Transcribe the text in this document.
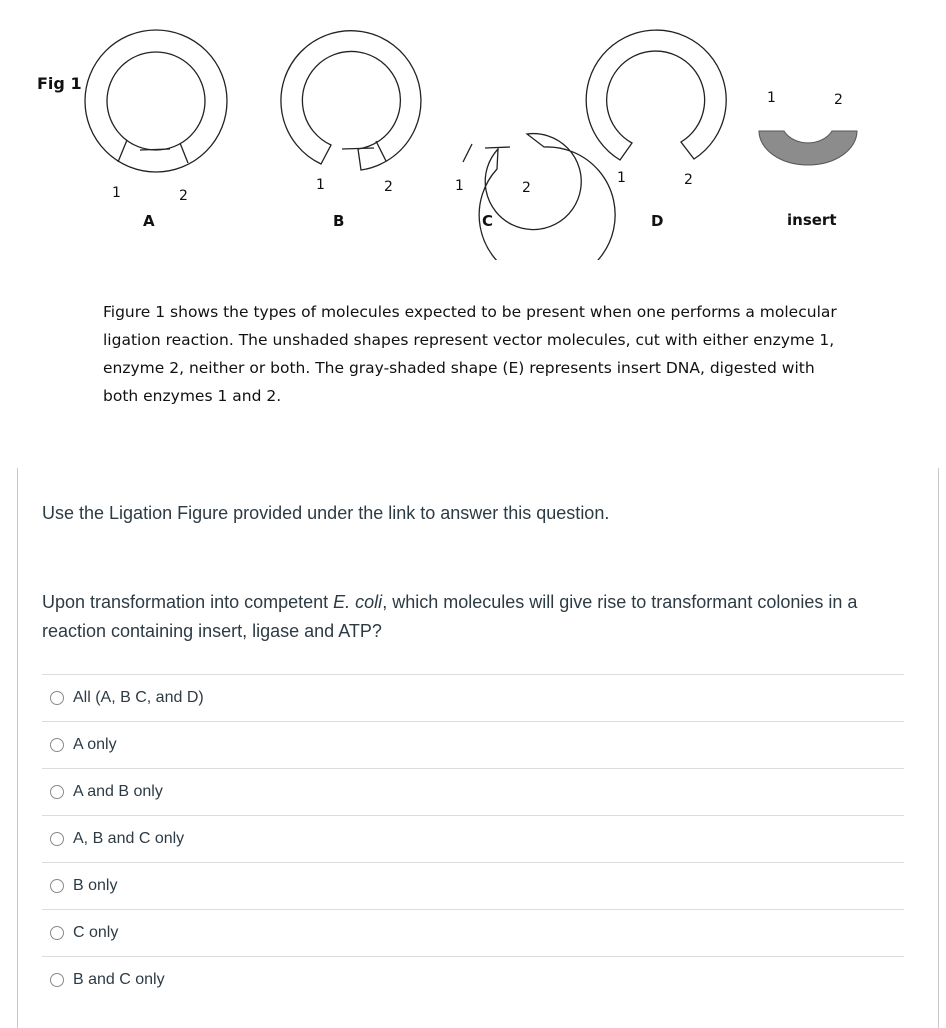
Fig 1
1	2
1	2	1	2
1	2
1	2
A	B	C	D	insert
Figure 1 shows the types of molecules expected to be present when one performs a molecular
ligation reaction. The unshaded shapes represent vector molecules, cut with either enzyme 1,
enzyme 2, neither or both. The gray-shaded shape (E) represents insert DNA, digested with
both enzymes 1 and 2.
Use the Ligation Figure provided under the link to answer this question.
Upon transformation into competent E. coli, which molecules will give rise to transformant colonies in a reaction containing insert, ligase and ATP?
All (A, B C, and D)
A only
A and B only
A, B and C only
B only
C only
B and C only
